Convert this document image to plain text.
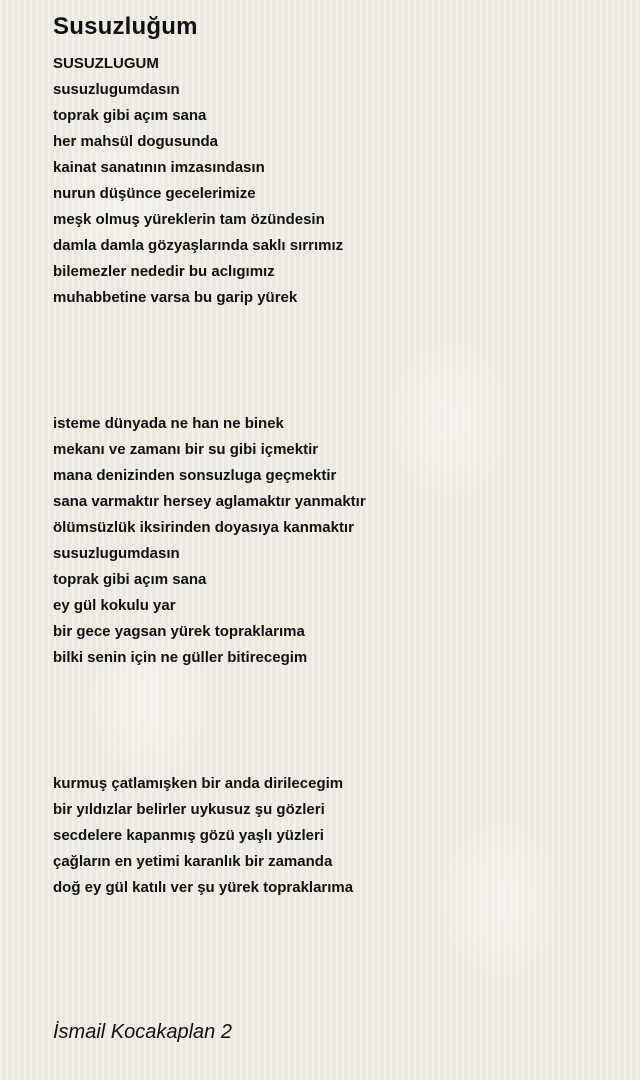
Susuzluğum
SUSUZLUGUM
susuzlugumdasın
toprak gibi açım sana
her mahsül dogusunda
kainat sanatının imzasındasın
nurun düşünce gecelerimize
meşk olmuş yüreklerin tam özündesin
damla damla gözyaşlarında saklı sırrımız
bilemezler nededir bu aclıgımız
muhabbetine varsa bu garip yürek
isteme dünyada ne han ne binek
mekanı ve zamanı bir su gibi içmektir
mana denizinden sonsuzluga geçmektir
sana varmaktır hersey aglamaktır yanmaktır
ölümsüzlük iksirinden doyasıya kanmaktır
susuzlugumdasın
toprak gibi açım sana
ey gül kokulu yar
bir gece yagsan yürek topraklarıma
bilki senin için ne güller bitirecegim
kurmuş çatlamışken bir anda dirilecegim
bir yıldızlar belirler uykusuz şu gözleri
secdelere kapanmış gözü yaşlı yüzleri
çağların en yetimi karanlık bir zamanda
doğ ey gül katılı ver şu yürek topraklarıma

İsmail Kocakaplan 2
